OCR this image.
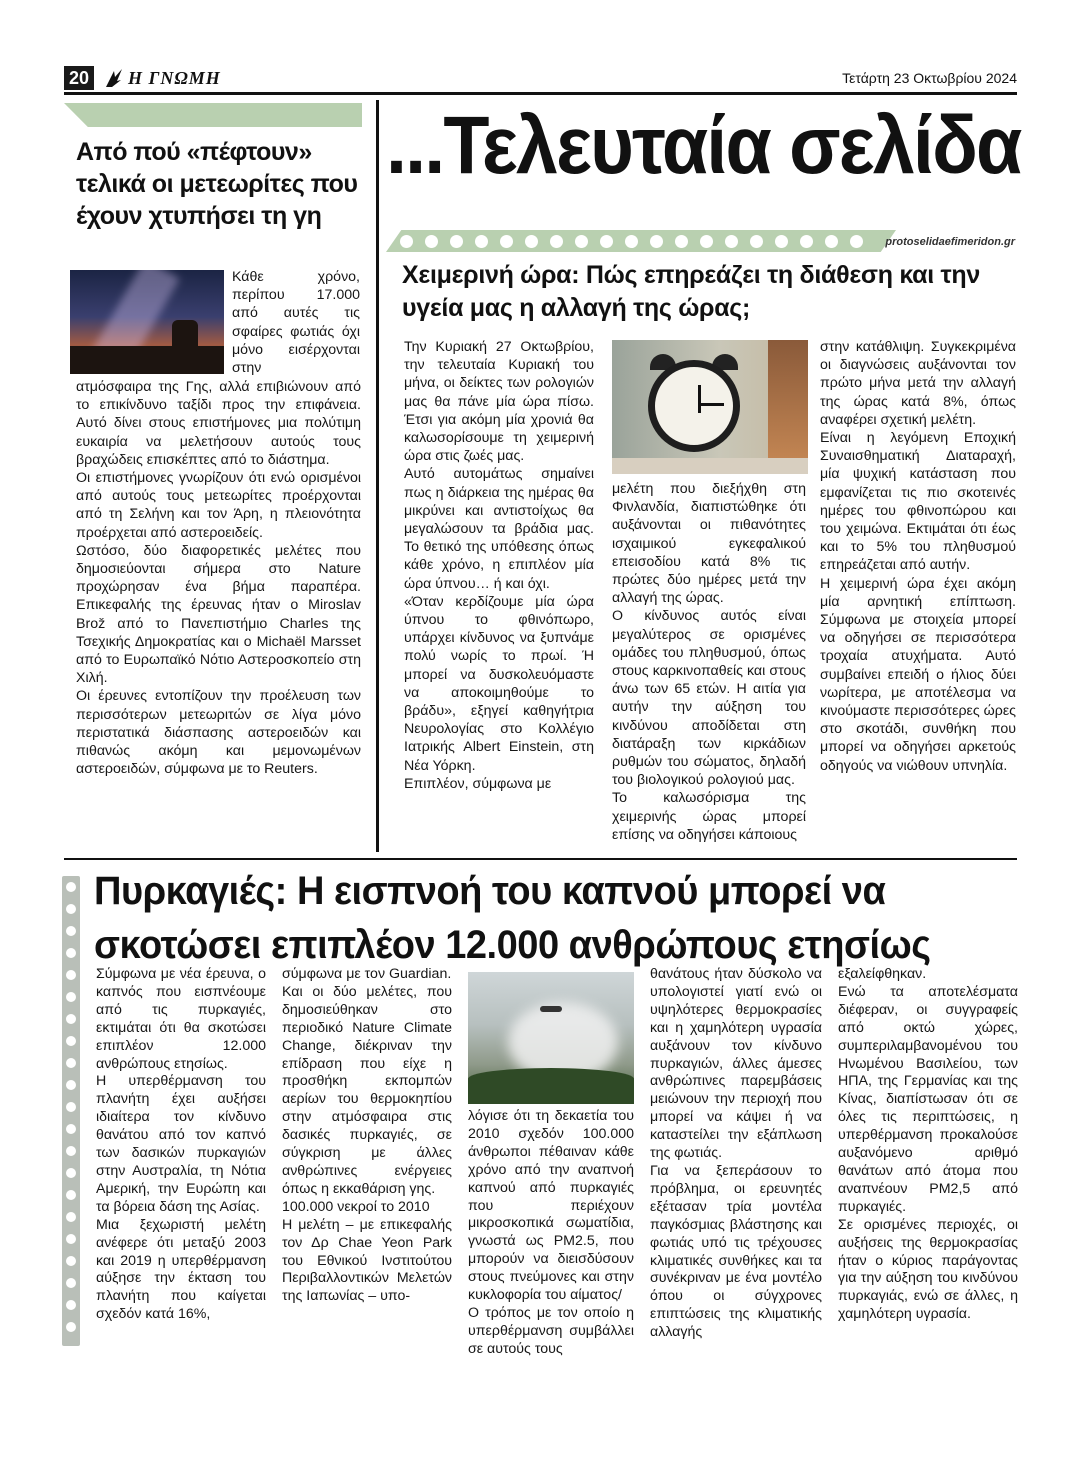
20 Η ΓΝΩΜΗ	Τετάρτη 23 Οκτωβρίου 2024
Από πού «πέφτουν» τελικά οι μετεωρίτες που έχουν χτυπήσει τη γη

Κάθε χρόνο, περίπου 17.000 από αυτές τις σφαίρες φωτιάς όχι μόνο εισέρχονται στην

ατμόσφαιρα της Γης, αλλά επιβιώνουν από το επικίνδυνο ταξίδι προς την επιφάνεια. Αυτό δίνει στους επιστήμονες μια πολύτιμη ευκαιρία να μελετήσουν αυτούς τους βραχώδεις επισκέπτες από το διάστημα.

Οι επιστήμονες γνωρίζουν ότι ενώ ορισμένοι από αυτούς τους μετεωρίτες προέρχονται από τη Σελήνη και τον Άρη, η πλειονότητα προέρχεται από αστεροειδείς.

Ωστόσο, δύο διαφορετικές μελέτες που δημοσιεύονται σήμερα στο Nature προχώρησαν ένα βήμα παραπέρα. Επικεφαλής της έρευνας ήταν ο Miroslav Brož από το Πανεπιστήμιο Charles της Τσεχικής Δημοκρατίας και ο Michaël Marsset από το Ευρωπαϊκό Νότιο Αστεροσκοπείο στη Χιλή.

Οι έρευνες εντοπίζουν την προέλευση των περισσότερων μετεωριτών σε λίγα μόνο περιστατικά διάσπασης αστεροειδών και πιθανώς ακόμη και μεμονωμένων αστεροειδών, σύμφωνα με το Reuters.

...Τελευταία σελίδα
protoselidaefimeridon.gr
Χειμερινή ώρα: Πώς επηρεάζει τη διάθεση και την υγεία μας η αλλαγή της ώρας;

Την Κυριακή 27 Οκτωβρίου, την τελευταία Κυριακή του μήνα, οι δείκτες των ρολογιών μας θα πάνε μία ώρα πίσω. Έτσι για ακόμη μία χρονιά θα καλωσορίσουμε τη χειμερινή ώρα στις ζωές μας.

Αυτό αυτομάτως σημαίνει πως η διάρκεια της ημέρας θα μικρύνει και αντιστοίχως θα μεγαλώσουν τα βράδια μας. Το θετικό της υπόθεσης όπως κάθε χρόνο, η επιπλέον μία ώρα ύπνου… ή και όχι.

«Όταν κερδίζουμε μία ώρα ύπνου το φθινόπωρο, υπάρχει κίνδυνος να ξυπνάμε πολύ νωρίς το πρωί. Ή μπορεί να δυσκολευόμαστε να αποκοιμηθούμε το βράδυ», εξηγεί καθηγήτρια Νευρολογίας στο Κολλέγιο Ιατρικής Albert Einstein, στη Νέα Υόρκη.

Επιπλέον, σύμφωνα με

μελέτη που διεξήχθη στη Φινλανδία, διαπιστώθηκε ότι αυξάνονται οι πιθανότητες ισχαιμικού εγκεφαλικού επεισοδίου κατά 8% τις πρώτες δύο ημέρες μετά την αλλαγή της ώρας.

Ο κίνδυνος αυτός είναι μεγαλύτερος σε ορισμένες ομάδες του πληθυσμού, όπως στους καρκινοπαθείς και στους άνω των 65 ετών. Η αιτία για αυτήν την αύξηση του κινδύνου αποδίδεται στη διατάραξη των κιρκάδιων ρυθμών του σώματος, δηλαδή του βιολογικού ρολογιού μας.

Το καλωσόρισμα της χειμερινής ώρας μπορεί επίσης να οδηγήσει κάποιους

στην κατάθλιψη. Συγκεκριμένα οι διαγνώσεις αυξάνονται τον πρώτο μήνα μετά την αλλαγή της ώρας κατά 8%, όπως αναφέρει σχετική μελέτη.

Είναι η λεγόμενη Εποχική Συναισθηματική Διαταραχή, μία ψυχική κατάσταση που εμφανίζεται τις πιο σκοτεινές ημέρες του φθινοπώρου και του χειμώνα. Εκτιμάται ότι έως και το 5% του πληθυσμού επηρεάζεται από αυτήν.

Η χειμερινή ώρα έχει ακόμη μία αρνητική επίπτωση. Σύμφωνα με στοιχεία μπορεί να οδηγήσει σε περισσότερα τροχαία ατυχήματα. Αυτό συμβαίνει επειδή ο ήλιος δύει νωρίτερα, με αποτέλεσμα να κινούμαστε περισσότερες ώρες στο σκοτάδι, συνθήκη που μπορεί να οδηγήσει αρκετούς οδηγούς να νιώθουν υπνηλία.

Πυρκαγιές: Η εισπνοή του καπνού μπορεί να σκοτώσει επιπλέον 12.000 ανθρώπους ετησίως

Σύμφωνα με νέα έρευνα, ο καπνός που εισπνέουμε από τις πυρκαγιές, εκτιμάται ότι θα σκοτώσει επιπλέον 12.000 ανθρώπους ετησίως.

Η υπερθέρμανση του πλανήτη έχει αυξήσει ιδιαίτερα τον κίνδυνο θανάτου από τον καπνό των δασικών πυρκαγιών στην Αυστραλία, τη Νότια Αμερική, την Ευρώπη και τα βόρεια δάση της Ασίας.

Μια ξεχωριστή μελέτη ανέφερε ότι μεταξύ 2003 και 2019 η υπερθέρμανση αύξησε την έκταση του πλανήτη που καίγεται σχεδόν κατά 16%,

σύμφωνα με τον Guardian.

Και οι δύο μελέτες, που δημοσιεύθηκαν στο περιοδικό Nature Climate Change, διέκριναν την επίδραση που είχε η προσθήκη εκπομπών αερίων του θερμοκηπίου στην ατμόσφαιρα στις δασικές πυρκαγιές, σε σύγκριση με άλλες ανθρώπινες ενέργειες όπως η εκκαθάριση γης.

100.000 νεκροί το 2010

Η μελέτη – με επικεφαλής τον Δρ Chae Yeon Park του Εθνικού Ινστιτούτου Περιβαλλοντικών Μελετών της Ιαπωνίας – υπο-

λόγισε ότι τη δεκαετία του 2010 σχεδόν 100.000 άνθρωποι πέθαιναν κάθε χρόνο από την αναπνοή καπνού από πυρκαγιές που περιέχουν μικροσκοπικά σωματίδια, γνωστά ως PM2.5, που μπορούν να διεισδύσουν στους πνεύμονες και στην κυκλοφορία του αίματος/

Ο τρόπος με τον οποίο η υπερθέρμανση συμβάλλει σε αυτούς τους

θανάτους ήταν δύσκολο να υπολογιστεί γιατί ενώ οι υψηλότερες θερμοκρασίες και η χαμηλότερη υγρασία αυξάνουν τον κίνδυνο πυρκαγιών, άλλες άμεσες ανθρώπινες παρεμβάσεις μειώνουν την περιοχή που μπορεί να κάψει ή να καταστείλει την εξάπλωση της φωτιάς.

Για να ξεπεράσουν το πρόβλημα, οι ερευνητές εξέτασαν τρία μοντέλα παγκόσμιας βλάστησης και φωτιάς υπό τις τρέχουσες κλιματικές συνθήκες και τα συνέκριναν με ένα μοντέλο όπου οι σύγχρονες επιπτώσεις της κλιματικής αλλαγής

εξαλείφθηκαν.

Ενώ τα αποτελέσματα διέφεραν, οι συγγραφείς από οκτώ χώρες, συμπεριλαμβανομένου του Ηνωμένου Βασιλείου, των ΗΠΑ, της Γερμανίας και της Κίνας, διαπίστωσαν ότι σε όλες τις περιπτώσεις, η υπερθέρμανση προκαλούσε αυξανόμενο αριθμό θανάτων από άτομα που αναπνέουν PM2,5 από πυρκαγιές.

Σε ορισμένες περιοχές, οι αυξήσεις της θερμοκρασίας ήταν ο κύριος παράγοντας για την αύξηση του κινδύνου πυρκαγιάς, ενώ σε άλλες, η χαμηλότερη υγρασία.
